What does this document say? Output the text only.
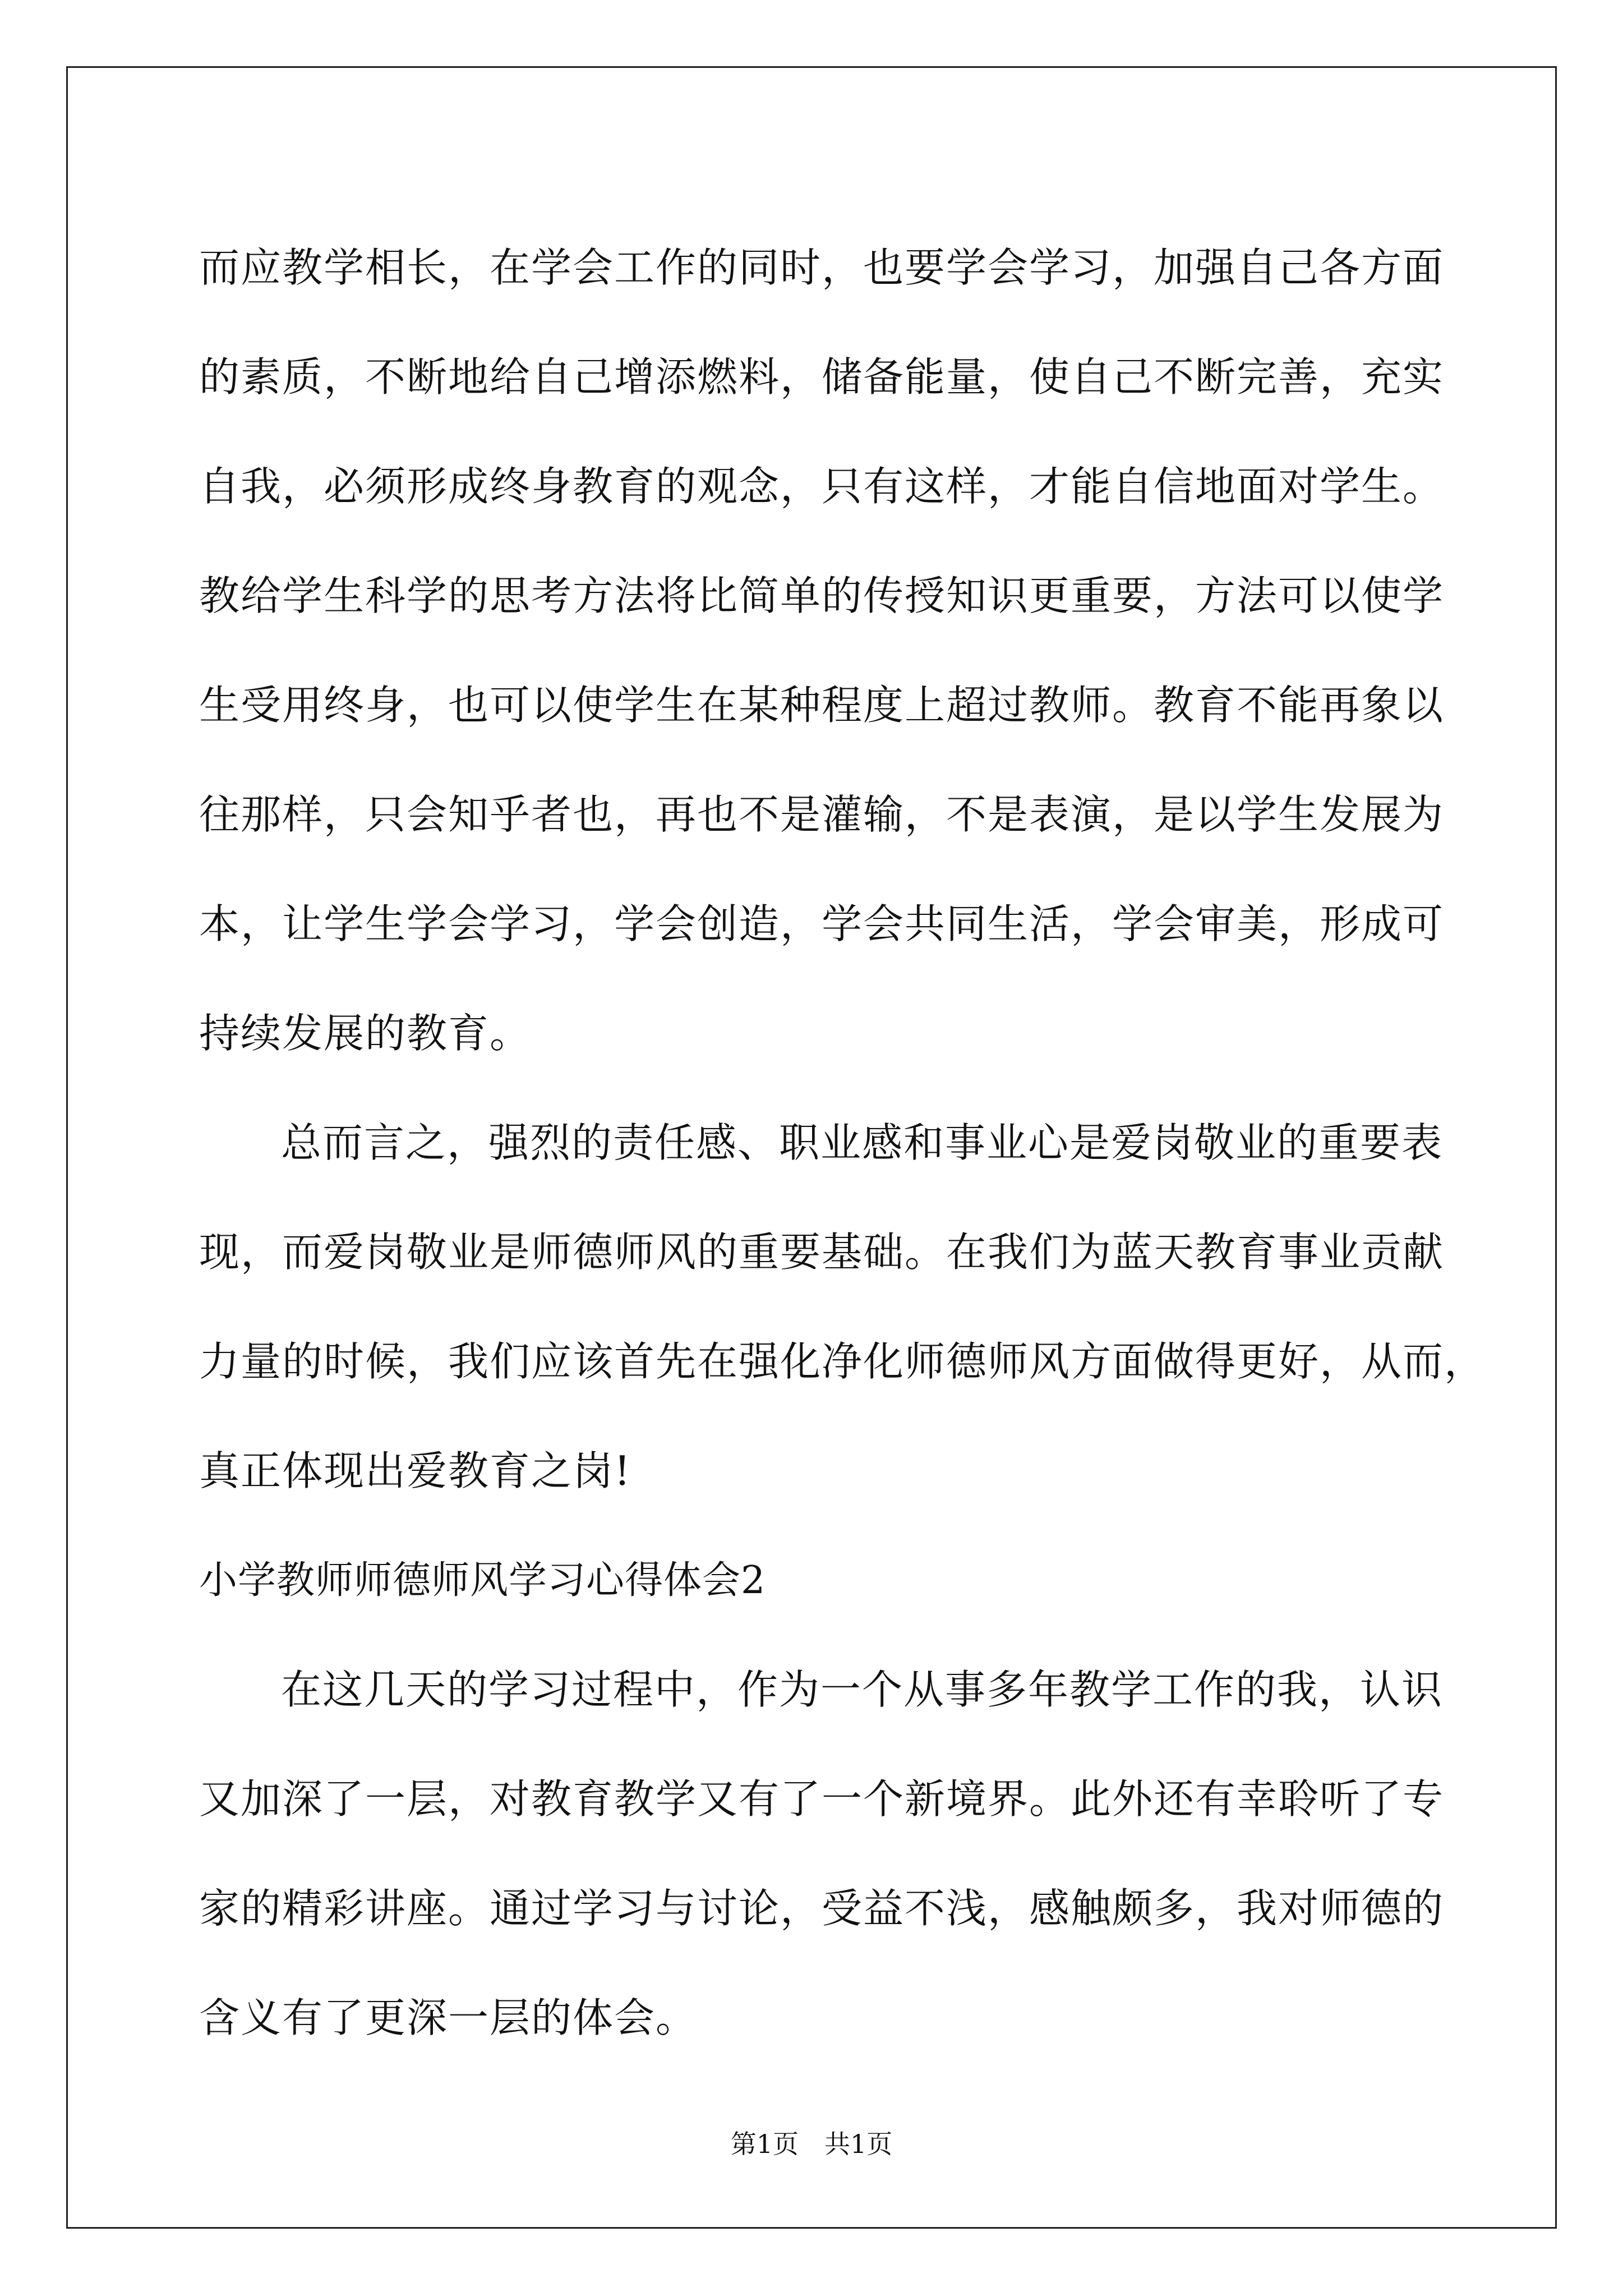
而应教学相长，在学会工作的同时，也要学会学习，加强自己各方面
的素质，不断地给自己增添燃料，储备能量，使自己不断完善，充实
自我，必须形成终身教育的观念，只有这样，才能自信地面对学生。
教给学生科学的思考方法将比简单的传授知识更重要，方法可以使学
生受用终身，也可以使学生在某种程度上超过教师。教育不能再象以
往那样，只会知乎者也，再也不是灌输，不是表演，是以学生发展为
本，让学生学会学习，学会创造，学会共同生活，学会审美，形成可
持续发展的教育。
总而言之，强烈的责任感、职业感和事业心是爱岗敬业的重要表
现，而爱岗敬业是师德师风的重要基础。在我们为蓝天教育事业贡献
力量的时候，我们应该首先在强化净化师德师风方面做得更好，从而，
真正体现出爱教育之岗!
小学教师师德师风学习心得体会2
在这几天的学习过程中，作为一个从事多年教学工作的我，认识
又加深了一层，对教育教学又有了一个新境界。此外还有幸聆听了专
家的精彩讲座。通过学习与讨论，受益不浅，感触颇多，我对师德的
含义有了更深一层的体会。
第1页　共1页
